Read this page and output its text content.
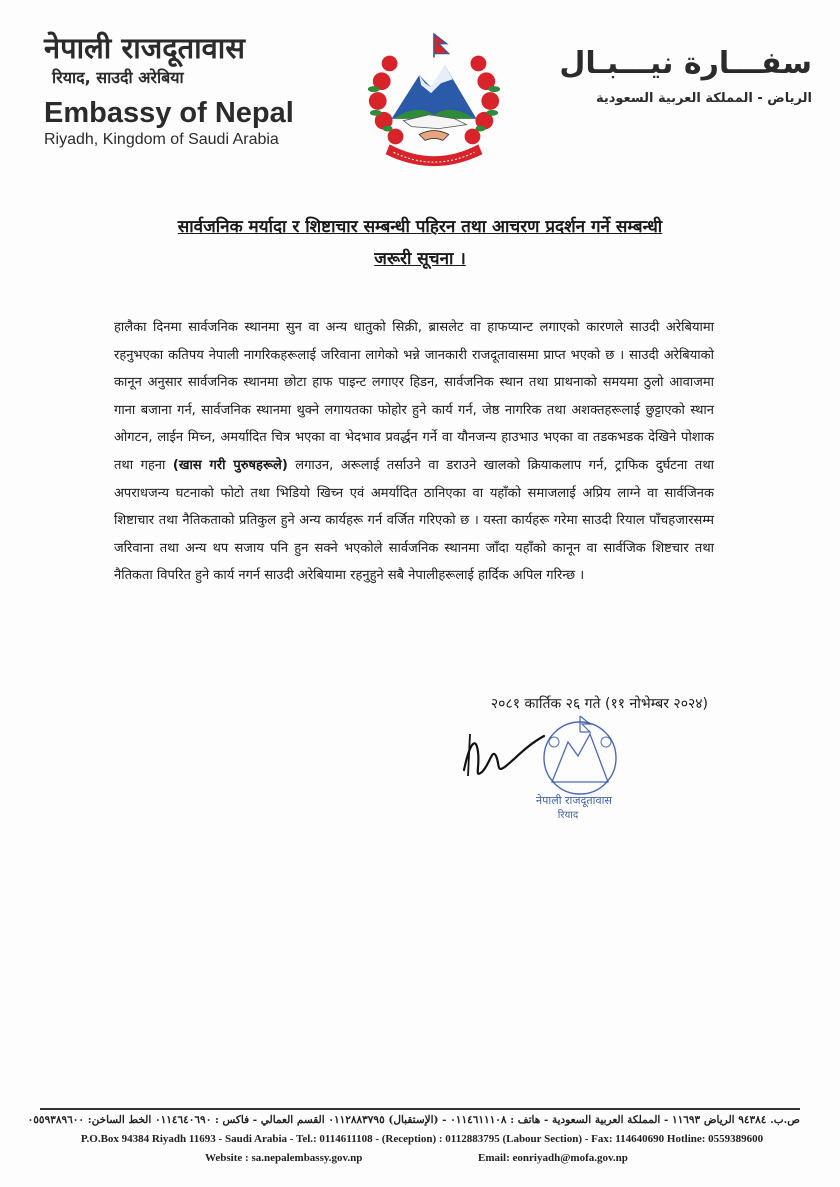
नेपाली राजदूतावास
रियाद, साउदी अरेबिया
Embassy of Nepal
Riyadh, Kingdom of Saudi Arabia
سفـــارة نيـــبـال
الرياض - المملكة العربية السعودية
सार्वजनिक मर्यादा र शिष्टाचार सम्बन्धी पहिरन तथा आचरण प्रदर्शन गर्ने सम्बन्धी
जरूरी सूचना ।
हालैका दिनमा सार्वजनिक स्थानमा सुन वा अन्य धातुको सिक्री, ब्रासलेट वा हाफप्यान्ट लगाएको कारणले साउदी अरेबियामा रहनुभएका कतिपय नेपाली नागरिकहरूलाई जरिवाना लागेको भन्ने जानकारी राजदूतावासमा प्राप्त भएको छ । साउदी अरेबियाको कानून अनुसार सार्वजनिक स्थानमा छोटा हाफ पाइन्ट लगाएर हिडन, सार्वजनिक स्थान तथा प्राथनाको समयमा ठुलो आवाजमा गाना बजाना गर्न, सार्वजनिक स्थानमा थुक्ने लगायतका फोहोर हुने कार्य गर्न, जेष्ठ नागरिक तथा अशक्तहरूलाई छुट्टाएको स्थान ओगटन, लाईन मिच्न, अमर्यादित चित्र भएका वा भेदभाव प्रवर्द्धन गर्ने वा यौनजन्य हाउभाउ भएका वा तडकभडक देखिने पोशाक तथा गहना (खास गरी पुरुषहरूले) लगाउन, अरूलाई तर्साउने वा डराउने खालको क्रियाकलाप गर्न, ट्राफिक दुर्घटना तथा अपराधजन्य घटनाको फोटो तथा भिडियो खिच्न एवं अमर्यादित ठानिएका वा यहाँको समाजलाई अप्रिय लाग्ने वा सार्वजिनक शिष्टाचार तथा नैतिकताको प्रतिकुल हुने अन्य कार्यहरू गर्न वर्जित गरिएको छ । यस्ता कार्यहरू गरेमा साउदी रियाल पाँचहजारसम्म जरिवाना तथा अन्य थप सजाय पनि हुन सक्ने भएकोले सार्वजनिक स्थानमा जाँदा यहाँको कानून वा सार्वजिक शिष्टचार तथा नैतिकता विपरित हुने कार्य नगर्न साउदी अरेबियामा रहनुहुने सबै नेपालीहरूलाई हार्दिक अपिल गरिन्छ ।
२०८१ कार्तिक २६ गते (११ नोभेम्बर २०२४)
नेपाली राजदूतावास
रियाद
ص.ب. ٩٤٣٨٤ الرياض ١١٦٩٣ - المملكة العربية السعودية - هاتف : ٠١١٤٦١١١٠٨ - (الإستقبال) ٠١١٢٨٨٣٧٩٥ القسم العمالي - فاكس : ٠١١٤٦٤٠٦٩٠ الخط الساخن: ٠٥٥٩٣٨٩٦٠٠
P.O.Box 94384 Riyadh 11693 - Saudi Arabia - Tel.: 0114611108 - (Reception) : 0112883795 (Labour Section) - Fax: 114640690 Hotline: 0559389600
Website : sa.nepalembassy.gov.np	Email: eonriyadh@mofa.gov.np
